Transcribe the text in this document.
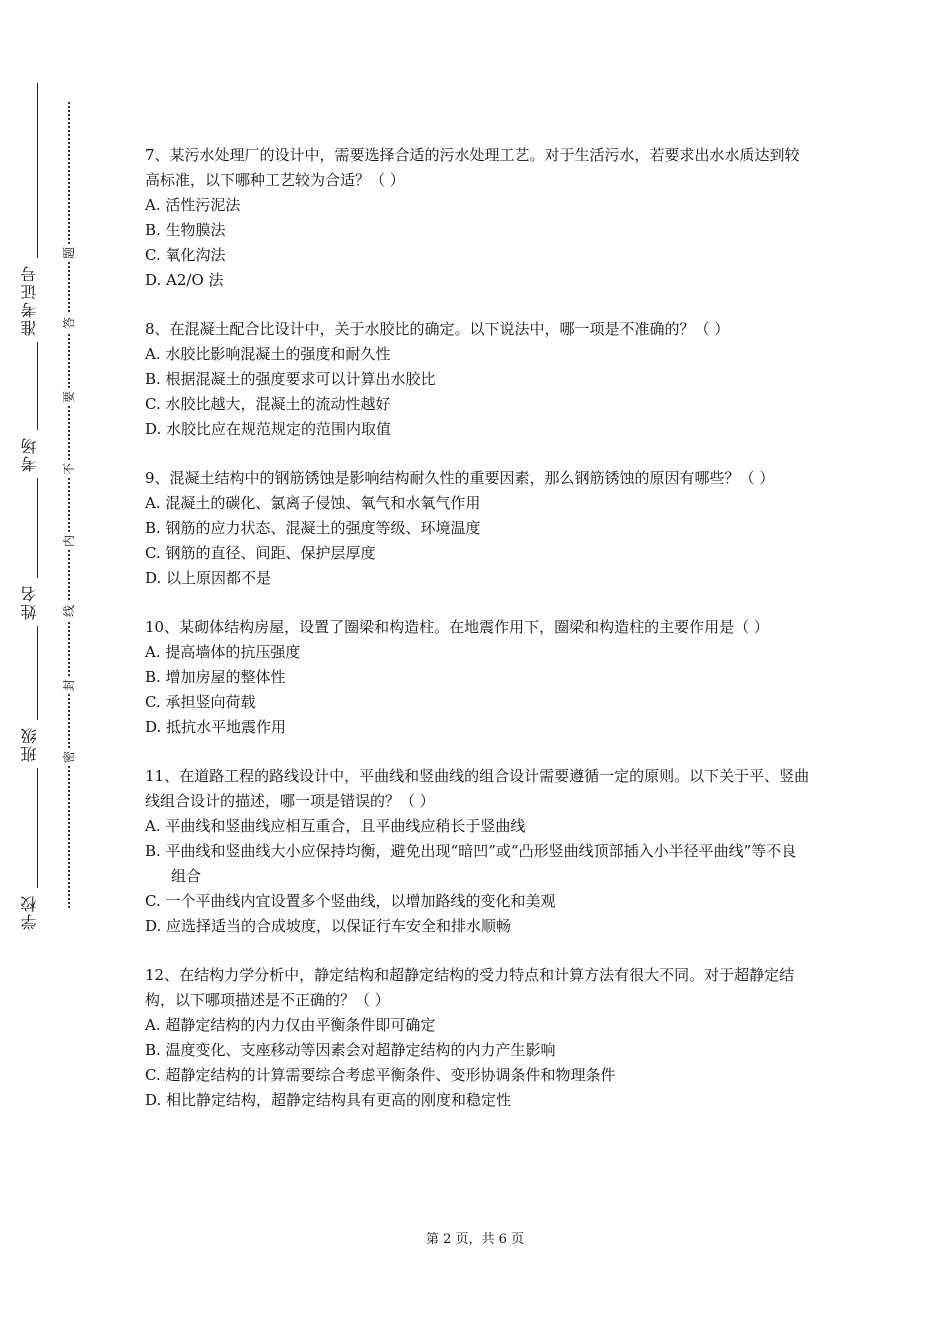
准考证号
考场
姓名
班级
学校
题
答
要
不
内
线
封
密

7、某污水处理厂的设计中，需要选择合适的污水处理工艺。对于生活污水，若要求出水水质达到较高标准，以下哪种工艺较为合适？（ ）

A. 活性污泥法

B. 生物膜法

C. 氧化沟法

D. A2/O 法

8、在混凝土配合比设计中，关于水胶比的确定。以下说法中，哪一项是不准确的？（ ）

A. 水胶比影响混凝土的强度和耐久性

B. 根据混凝土的强度要求可以计算出水胶比

C. 水胶比越大，混凝土的流动性越好

D. 水胶比应在规范规定的范围内取值

9、混凝土结构中的钢筋锈蚀是影响结构耐久性的重要因素，那么钢筋锈蚀的原因有哪些？（ ）

A. 混凝土的碳化、氯离子侵蚀、氧气和水氧气作用

B. 钢筋的应力状态、混凝土的强度等级、环境温度

C. 钢筋的直径、间距、保护层厚度

D. 以上原因都不是

10、某砌体结构房屋，设置了圈梁和构造柱。在地震作用下，圈梁和构造柱的主要作用是（ ）

A. 提高墙体的抗压强度

B. 增加房屋的整体性

C. 承担竖向荷载

D. 抵抗水平地震作用

11、在道路工程的路线设计中，平曲线和竖曲线的组合设计需要遵循一定的原则。以下关于平、竖曲线组合设计的描述，哪一项是错误的？（ ）

A. 平曲线和竖曲线应相互重合，且平曲线应稍长于竖曲线

B. 平曲线和竖曲线大小应保持均衡，避免出现“暗凹”或“凸形竖曲线顶部插入小半径平曲线”等不良组合

C. 一个平曲线内宜设置多个竖曲线，以增加路线的变化和美观

D. 应选择适当的合成坡度，以保证行车安全和排水顺畅

12、在结构力学分析中，静定结构和超静定结构的受力特点和计算方法有很大不同。对于超静定结构，以下哪项描述是不正确的？（ ）

A. 超静定结构的内力仅由平衡条件即可确定

B. 温度变化、支座移动等因素会对超静定结构的内力产生影响

C. 超静定结构的计算需要综合考虑平衡条件、变形协调条件和物理条件

D. 相比静定结构，超静定结构具有更高的刚度和稳定性

第 2 页，共 6 页
